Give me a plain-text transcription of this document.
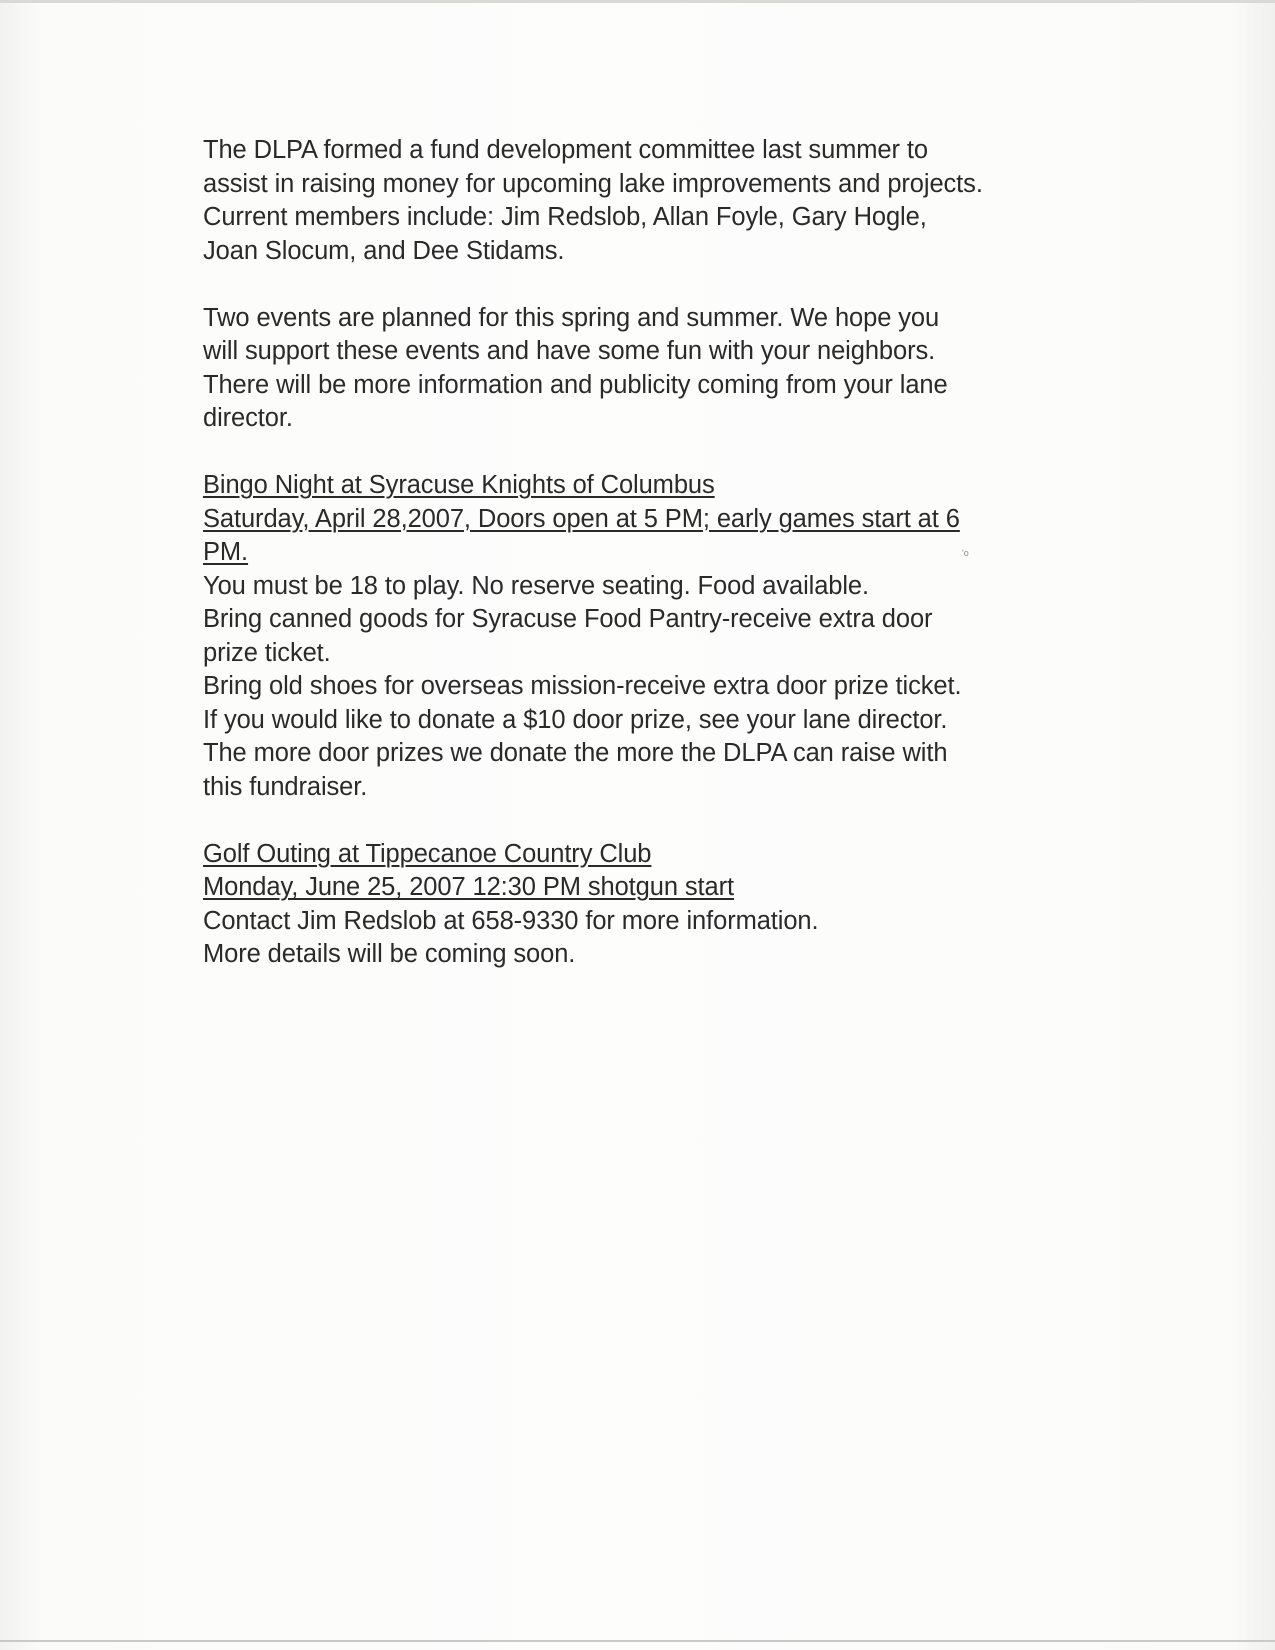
The DLPA formed a fund development committee last summer to
assist in raising money for upcoming lake improvements and projects.
Current members include: Jim Redslob, Allan Foyle, Gary Hogle,
Joan Slocum, and Dee Stidams.
Two events are planned for this spring and summer. We hope you
will support these events and have some fun with your neighbors.
There will be more information and publicity coming from your lane
director.
Bingo Night at Syracuse Knights of Columbus
Saturday, April 28,2007, Doors open at 5 PM; early games start at 6
PM.
You must be 18 to play. No reserve seating. Food available.
Bring canned goods for Syracuse Food Pantry-receive extra door
prize ticket.
Bring old shoes for overseas mission-receive extra door prize ticket.
If you would like to donate a $10 door prize, see your lane director.
The more door prizes we donate the more the DLPA can raise with
this fundraiser.
Golf Outing at Tippecanoe Country Club
Monday, June 25, 2007 12:30 PM shotgun start
Contact Jim Redslob at 658-9330 for more information.
More details will be coming soon.
'o
